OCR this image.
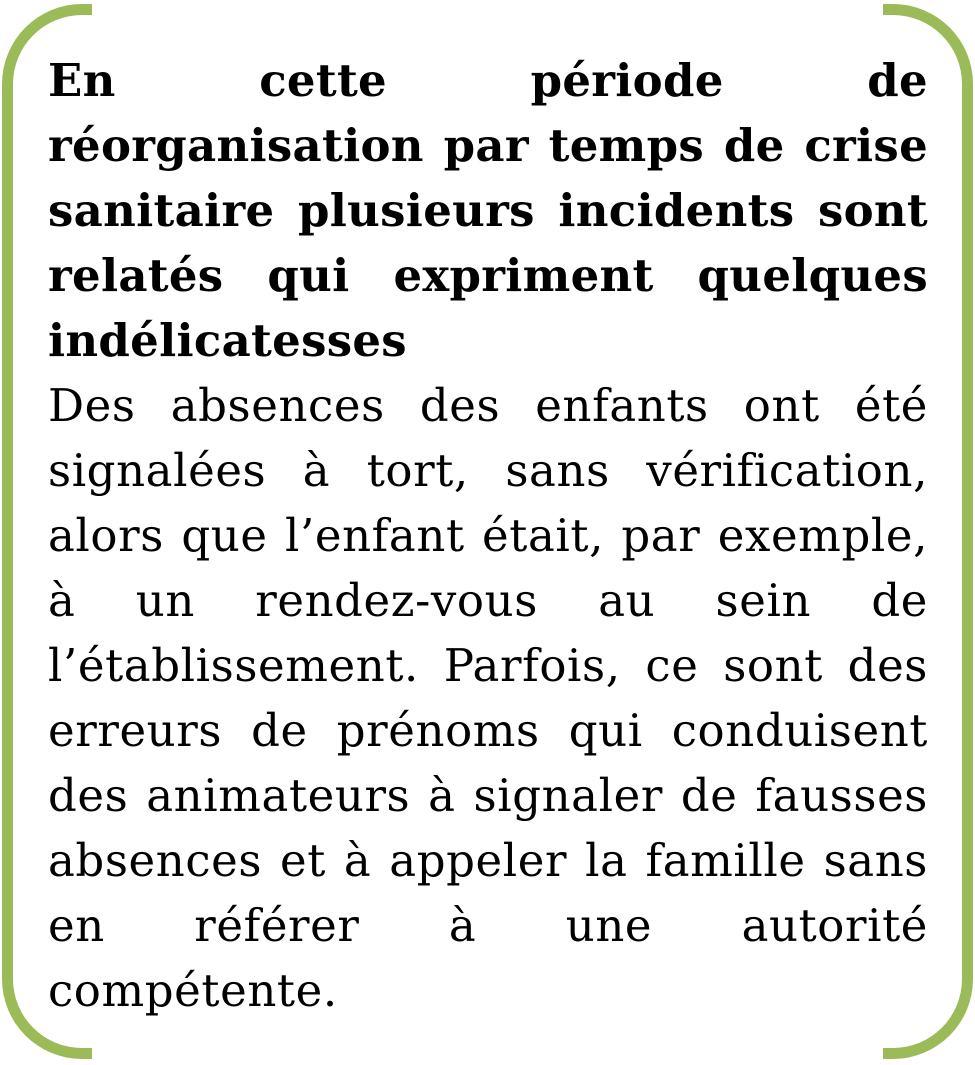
En cette période de réorganisation par temps de crise sanitaire plusieurs incidents sont relatés qui expriment quelques indélicatesses

Des absences des enfants ont été signalées à tort, sans vérification, alors que l’enfant était, par exemple, à un rendez-vous au sein de l’établissement. Parfois, ce sont des erreurs de prénoms qui conduisent des animateurs à signaler de fausses absences et à appeler la famille sans en référer à une autorité compétente.
